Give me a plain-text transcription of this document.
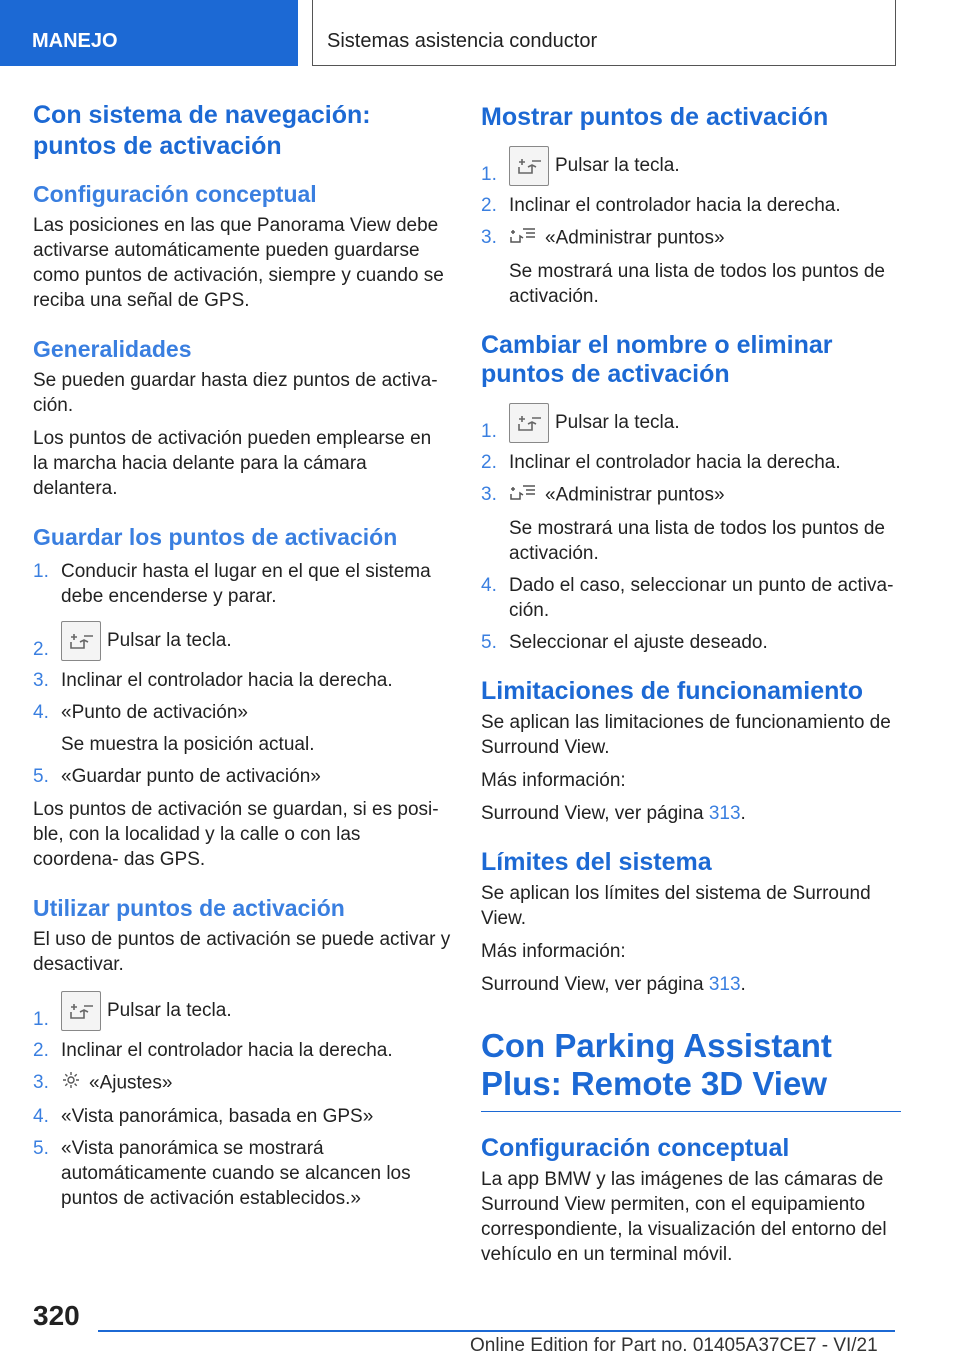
MANEJO	Sistemas asistencia conductor
Con sistema de navegación: puntos de activación
Configuración conceptual

Las posiciones en las que Panorama View debe activarse automáticamente pueden guardarse como puntos de activación, siempre y cuando se reciba una señal de GPS.

Generalidades

Se pueden guardar hasta diez puntos de activa‐ ción.

Los puntos de activación pueden emplearse en la marcha hacia delante para la cámara delantera.

Guardar los puntos de activación
1. Conducir hasta el lugar en el que el sistema debe encenderse y parar.
2.	Pulsar la tecla.
3. Inclinar el controlador hacia la derecha.
4. «Punto de activación»
Se muestra la posición actual.
5. «Guardar punto de activación»

Los puntos de activación se guardan, si es posi‐ ble, con la localidad y la calle o con las coordena‐ das GPS.

Utilizar puntos de activación

El uso de puntos de activación se puede activar y desactivar.

1.	Pulsar la tecla.
2. Inclinar el controlador hacia la derecha.
3. «Ajustes»
4. «Vista panorámica, basada en GPS»
5. «Vista panorámica se mostrará automáticamente cuando se alcancen los puntos de activación establecidos.»
Mostrar puntos de activación
1.	Pulsar la tecla.
2. Inclinar el controlador hacia la derecha.
3.	«Administrar puntos»
Se mostrará una lista de todos los puntos de activación.
Cambiar el nombre o eliminar puntos de activación
1.	Pulsar la tecla.
2. Inclinar el controlador hacia la derecha.
3.	«Administrar puntos»
Se mostrará una lista de todos los puntos de activación.
4. Dado el caso, seleccionar un punto de activa‐ ción.
5. Seleccionar el ajuste deseado.
Limitaciones de funcionamiento

Se aplican las limitaciones de funcionamiento de Surround View.

Más información:

Surround View, ver página 313.

Límites del sistema

Se aplican los límites del sistema de Surround View.

Más información:

Surround View, ver página 313.

Con Parking Assistant Plus: Remote 3D View
Configuración conceptual

La app BMW y las imágenes de las cámaras de Surround View permiten, con el equipamiento correspondiente, la visualización del entorno del vehículo en un terminal móvil.

320
Online Edition for Part no. 01405A37CE7 - VI/21
